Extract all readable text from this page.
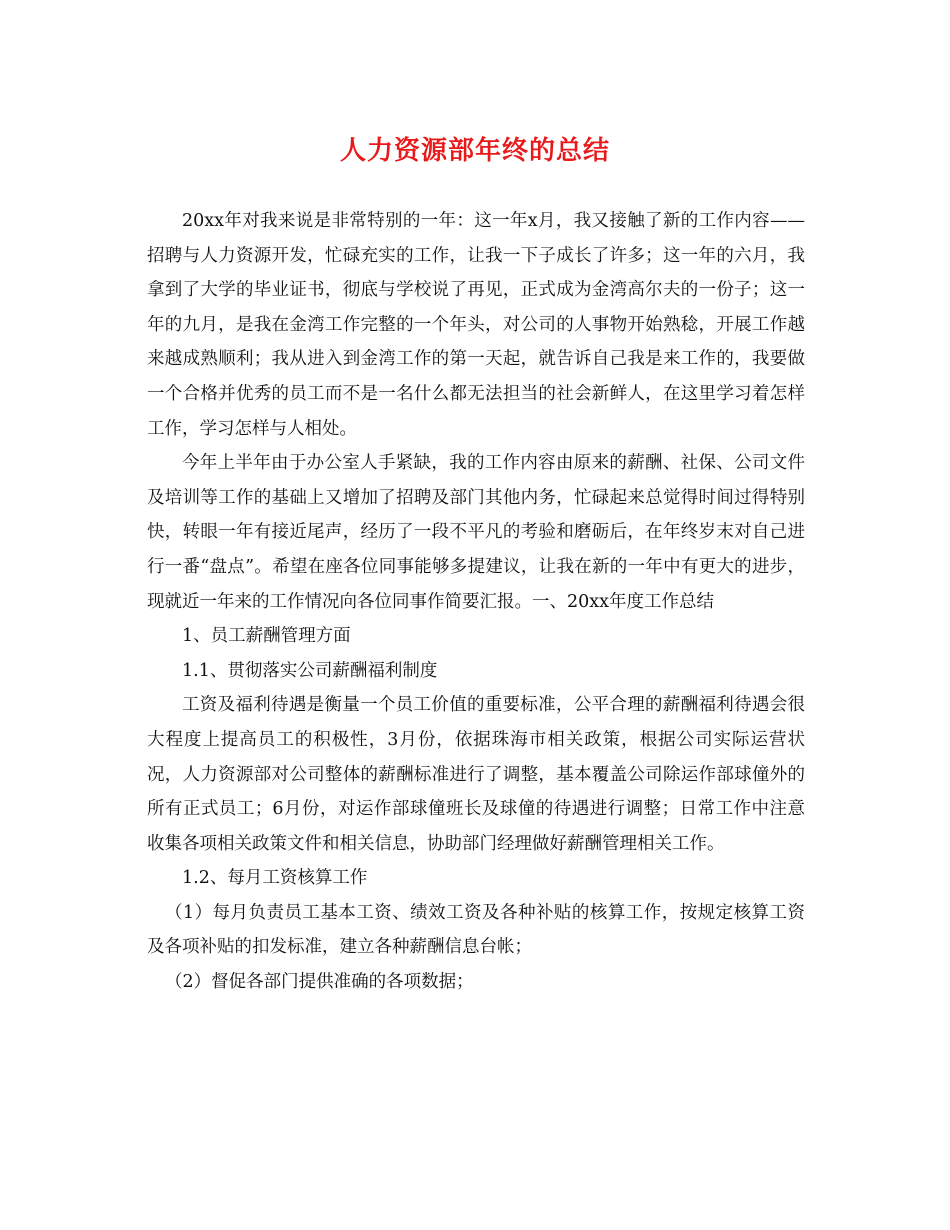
人力资源部年终的总结

20xx年对我来说是非常特别的一年：这一年x月，我又接触了新的工作内容——招聘与人力资源开发，忙碌充实的工作，让我一下子成长了许多；这一年的六月，我拿到了大学的毕业证书，彻底与学校说了再见，正式成为金湾高尔夫的一份子；这一年的九月，是我在金湾工作完整的一个年头，对公司的人事物开始熟稔，开展工作越来越成熟顺利；我从进入到金湾工作的第一天起，就告诉自己我是来工作的，我要做一个合格并优秀的员工而不是一名什么都无法担当的社会新鲜人，在这里学习着怎样工作，学习怎样与人相处。

今年上半年由于办公室人手紧缺，我的工作内容由原来的薪酬、社保、公司文件及培训等工作的基础上又增加了招聘及部门其他内务，忙碌起来总觉得时间过得特别快，转眼一年有接近尾声，经历了一段不平凡的考验和磨砺后，在年终岁末对自己进行一番“盘点”。希望在座各位同事能够多提建议，让我在新的一年中有更大的进步，现就近一年来的工作情况向各位同事作简要汇报。一、20xx年度工作总结

1、员工薪酬管理方面

1.1、贯彻落实公司薪酬福利制度

工资及福利待遇是衡量一个员工价值的重要标准，公平合理的薪酬福利待遇会很大程度上提高员工的积极性，3月份，依据珠海市相关政策，根据公司实际运营状况，人力资源部对公司整体的薪酬标准进行了调整，基本覆盖公司除运作部球僮外的所有正式员工；6月份，对运作部球僮班长及球僮的待遇进行调整；日常工作中注意收集各项相关政策文件和相关信息，协助部门经理做好薪酬管理相关工作。

1.2、每月工资核算工作

（1）每月负责员工基本工资、绩效工资及各种补贴的核算工作，按规定核算工资及各项补贴的扣发标准，建立各种薪酬信息台帐；

（2）督促各部门提供准确的各项数据；
